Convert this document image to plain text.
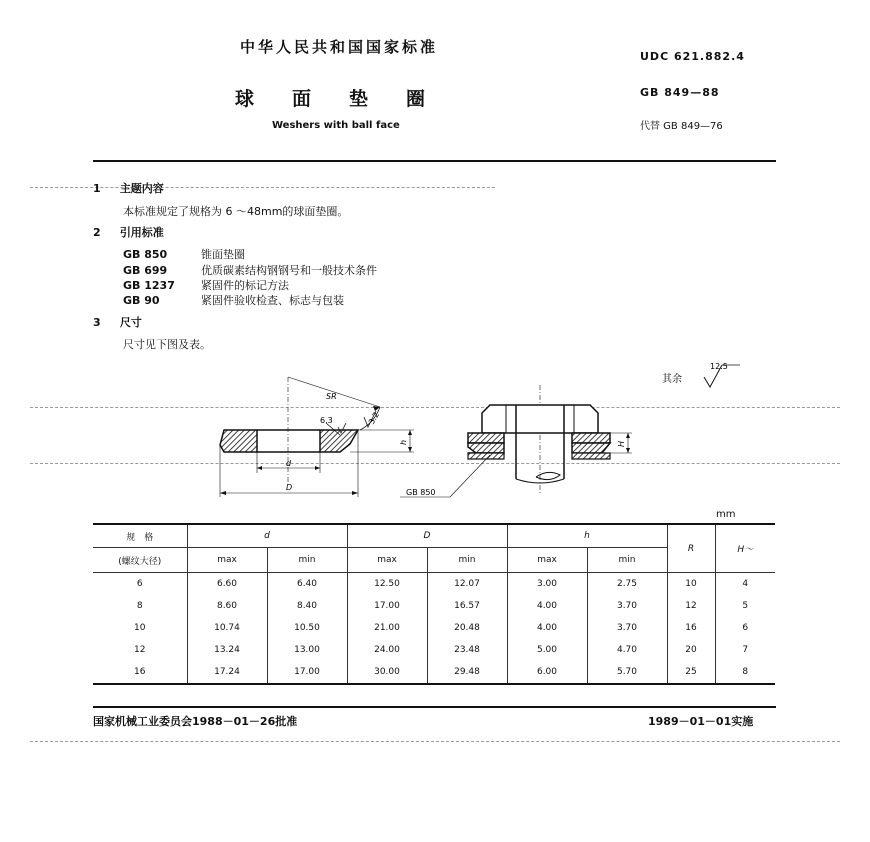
中华人民共和国国家标准
UDC 621.882.4
球面垫圈	GB 849—88
Weshers with ball face	代替 GB 849—76
1 主题内容
本标准规定了规格为 6 ～48mm的球面垫圈。
2 引用标准
GB 850	锥面垫圈
GB 699	优质碳素结构钢钢号和一般技术条件
GB 1237 紧固件的标记方法
GB 90	紧固件验收检查、标志与包装
3 尺寸
尺寸见下图及表。
SR
d
D
h
3.2
6.3
H
GB 850
其余
12.5
mm
规　格	d		D		h		R	H～
(螺纹大径)	max	min	max	min	max	min		
6	6.60	6.40	12.50	12.07	3.00	2.75	10	4
8	8.60	8.40	17.00	16.57	4.00	3.70	12	5
10	10.74	10.50	21.00	20.48	4.00	3.70	16	6
12	13.24	13.00	24.00	23.48	5.00	4.70	20	7
16	17.24	17.00	30.00	29.48	6.00	5.70	25	8
国家机械工业委员会1988－01－26批准	1989－01－01实施
